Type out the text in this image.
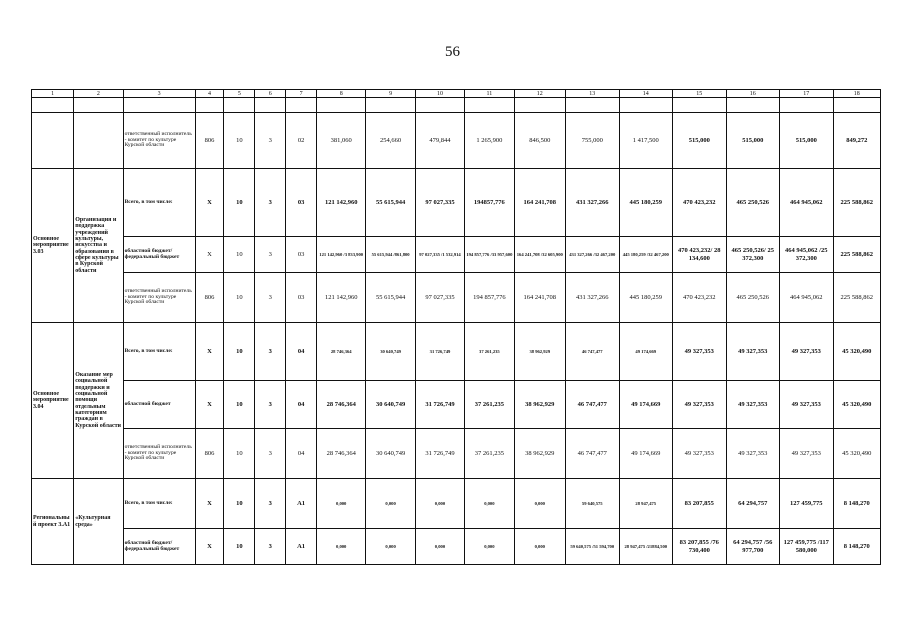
56
1	2	3	4	5	6	7	8	9	10	11	12	13	14	15	16	17	18

		ответственный исполнитель - комитет по культуре Курской области	806	10	3	02	381,060	254,660	479,844	1 265,900	846,500	755,000	1 417,500	515,000	515,000	515,000	849,272
Основное мероприятие 3.03	Организация и поддержка учреждений культуры, искусства и образования в сфере культуры в Курской области	Всего, в том числе:	X	10	3	03	121 142,960	55 615,944	97 027,335	194857,776	164 241,708	431 327,266	445 180,259	470 423,232	465 250,526	464 945,062	225 588,862
		областной бюджет/ федеральный бюджет	X	10	3	03	121 142,960 /3 833,900	55 615,944 /861,800	97 027,335 /1 532,914	194 857,776 /33 957,600	164 241,708 /32 605,900	431 327,266 /32 467,200	445 180,259 /32 467,200	470 423,232/ 28 134,600	465 250,526/ 25 372,300	464 945,062 /25 372,300	225 588,862
		ответственный исполнитель - комитет по культуре Курской области	806	10	3	03	121 142,960	55 615,944	97 027,335	194 857,776	164 241,708	431 327,266	445 180,259	470 423,232	465 250,526	464 945,062	225 588,862
Основное мероприятие 3.04	Оказание мер социальной поддержки и социальной помощи отдельным категориям граждан в Курской области	Всего, в том числе:	X	10	3	04	28 746,364	30 640,749	31 726,749	37 261,235	38 962,929	46 747,477	49 174,669	49 327,353	49 327,353	49 327,353	45 320,490
		областной бюджет	X	10	3	04	28 746,364	30 640,749	31 726,749	37 261,235	38 962,929	46 747,477	49 174,669	49 327,353	49 327,353	49 327,353	45 320,490
		ответственный исполнитель - комитет по культуре Курской области	806	10	3	04	28 746,364	30 640,749	31 726,749	37 261,235	38 962,929	46 747,477	49 174,669	49 327,353	49 327,353	49 327,353	45 320,490
Региональный проект 3.А1	«Культурная среда»	Всего, в том числе:	X	10	3	А1	0,000	0,000	0,000	0,000	0,000	59 640,575	28 947,475	83 207,855	64 294,757	127 459,775	8 148,270
		областной бюджет/ федеральный бюджет	X	10	3	А1	0,000	0,000	0,000	0,000	0,000	59 640,575 /51 594,700	28 947,475 /21884,500	83 207,855 /76 730,400	64 294,757 /56 977,700	127 459,775 /117 580,000	8 148,270
